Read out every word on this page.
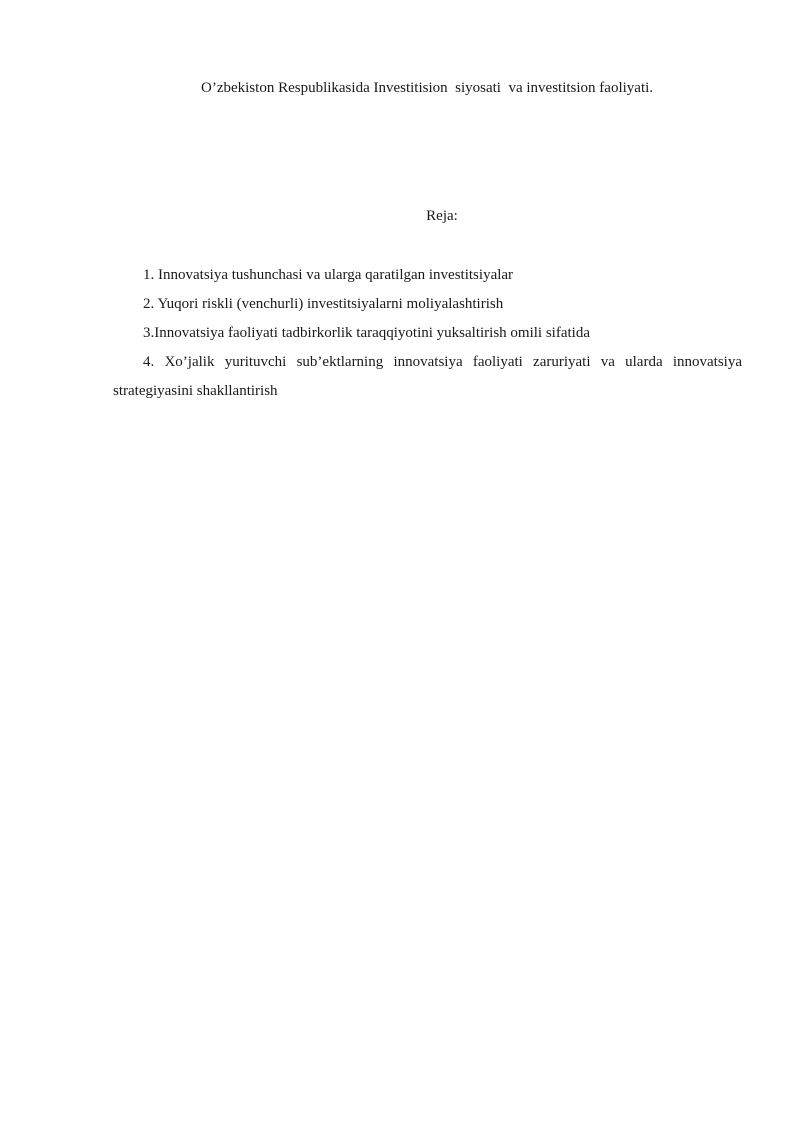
O’zbekiston Respublikasida Investitision  siyosati  va investitsion faoliyati.
Reja:
1. Innovatsiya tushunchasi va ularga qaratilgan investitsiyalar
2. Yuqori riskli (venchurli) investitsiyalarni moliyalashtirish
3.Innovatsiya faoliyati tadbirkorlik taraqqiyotini yuksaltirish omili sifatida
4. Xo’jalik yurituvchi sub’ektlarning innovatsiya faoliyati zaruriyati va ularda innovatsiya strategiyasini shakllantirish
